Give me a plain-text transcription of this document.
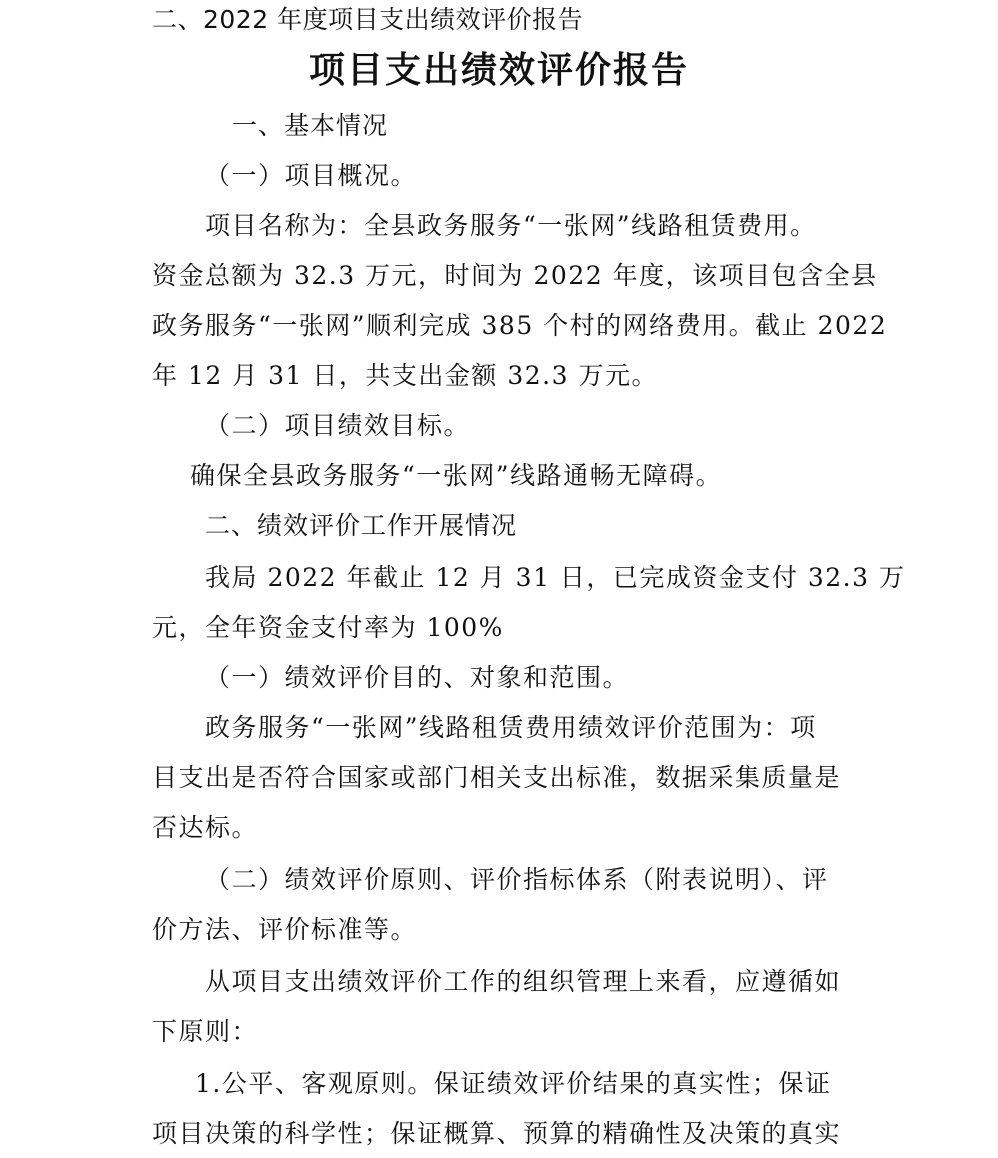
二、2022 年度项目支出绩效评价报告
项目支出绩效评价报告
一、基本情况
（一）项目概况。
项目名称为：全县政务服务“一张网”线路租赁费用。
资金总额为 32.3 万元，时间为 2022 年度，该项目包含全县
政务服务“一张网”顺利完成 385 个村的网络费用。截止 2022
年 12 月 31 日，共支出金额 32.3 万元。
（二）项目绩效目标。
确保全县政务服务“一张网”线路通畅无障碍。
二、绩效评价工作开展情况
我局 2022 年截止 12 月 31 日，已完成资金支付 32.3 万
元，全年资金支付率为 100%
（一）绩效评价目的、对象和范围。
政务服务“一张网”线路租赁费用绩效评价范围为：项
目支出是否符合国家或部门相关支出标准，数据采集质量是
否达标。
（二）绩效评价原则、评价指标体系（附表说明）、评
价方法、评价标准等。
从项目支出绩效评价工作的组织管理上来看，应遵循如
下原则：
1.公平、客观原则。保证绩效评价结果的真实性；保证
项目决策的科学性；保证概算、预算的精确性及决策的真实
